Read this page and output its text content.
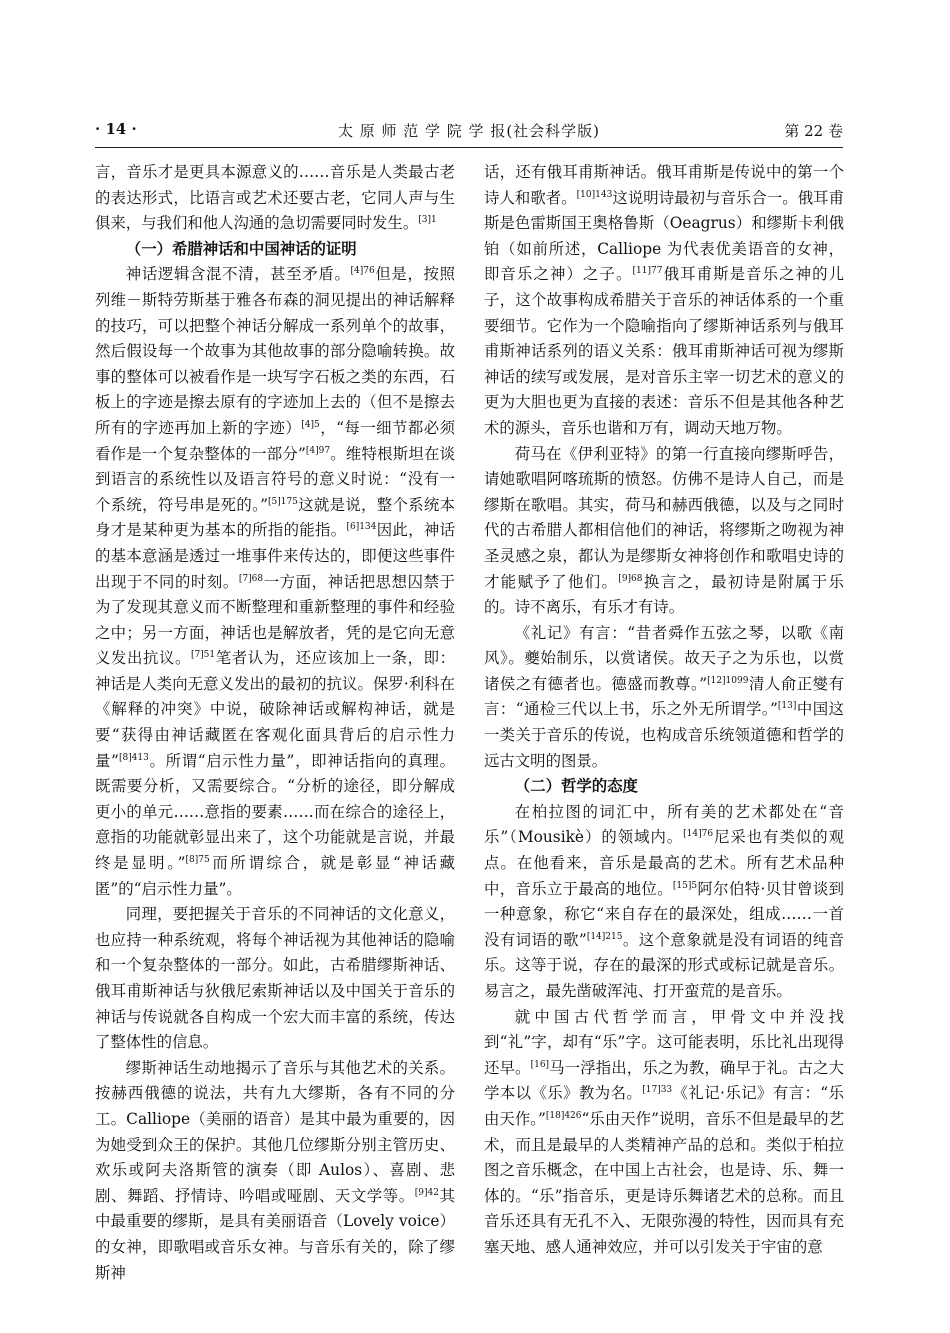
· 14 ·	太 原 师 范 学 院 学 报(社会科学版)	第 22 卷

言，音乐才是更具本源意义的……音乐是人类最古老的表达形式，比语言或艺术还要古老，它同人声与生俱来，与我们和他人沟通的急切需要同时发生。$^{[3]1}$

（一）希腊神话和中国神话的证明

神话逻辑含混不清，甚至矛盾。$^{[4]76}$但是，按照列维－斯特劳斯基于雅各布森的洞见提出的神话解释的技巧，可以把整个神话分解成一系列单个的故事，然后假设每一个故事为其他故事的部分隐喻转换。故事的整体可以被看作是一块写字石板之类的东西，石板上的字迹是擦去原有的字迹加上去的（但不是擦去所有的字迹再加上新的字迹）$^{[4]5}$，“每一细节都必须看作是一个复杂整体的一部分”$^{[4]97}$。维特根斯坦在谈到语言的系统性以及语言符号的意义时说：“没有一个系统，符号串是死的。”$^{[5]175}$这就是说，整个系统本身才是某种更为基本的所指的能指。$^{[6]134}$因此，神话的基本意涵是透过一堆事件来传达的，即便这些事件出现于不同的时刻。$^{[7]68}$一方面，神话把思想囚禁于为了发现其意义而不断整理和重新整理的事件和经验之中；另一方面，神话也是解放者，凭的是它向无意义发出抗议。$^{[7]51}$笔者认为，还应该加上一条，即：神话是人类向无意义发出的最初的抗议。保罗·利科在《解释的冲突》中说，破除神话或解构神话，就是要“获得由神话藏匿在客观化面具背后的启示性力量”$^{[8]413}$。所谓“启示性力量”，即神话指向的真理。既需要分析，又需要综合。“分析的途径，即分解成更小的单元……意指的要素……而在综合的途径上，意指的功能就彰显出来了，这个功能就是言说，并最终是显明。”$^{[8]75}$而所谓综合，就是彰显“神话藏匿”的“启示性力量”。

同理，要把握关于音乐的不同神话的文化意义，也应持一种系统观，将每个神话视为其他神话的隐喻和一个复杂整体的一部分。如此，古希腊缪斯神话、俄耳甫斯神话与狄俄尼索斯神话以及中国关于音乐的神话与传说就各自构成一个宏大而丰富的系统，传达了整体性的信息。

缪斯神话生动地揭示了音乐与其他艺术的关系。按赫西俄德的说法，共有九大缪斯，各有不同的分工。Calliope（美丽的语音）是其中最为重要的，因为她受到众王的保护。其他几位缪斯分别主管历史、欢乐或阿夫洛斯管的演奏（即 Aulos）、喜剧、悲剧、舞蹈、抒情诗、吟唱或哑剧、天文学等。$^{[9]42}$其中最重要的缪斯，是具有美丽语音（Lovely voice）的女神，即歌唱或音乐女神。与音乐有关的，除了缪斯神

话，还有俄耳甫斯神话。俄耳甫斯是传说中的第一个诗人和歌者。$^{[10]143}$这说明诗最初与音乐合一。俄耳甫斯是色雷斯国王奥格鲁斯（Oeagrus）和缪斯卡利俄铂（如前所述，Calliope 为代表优美语音的女神，即音乐之神）之子。$^{[11]77}$俄耳甫斯是音乐之神的儿子，这个故事构成希腊关于音乐的神话体系的一个重要细节。它作为一个隐喻指向了缪斯神话系列与俄耳甫斯神话系列的语义关系：俄耳甫斯神话可视为缪斯神话的续写或发展，是对音乐主宰一切艺术的意义的更为大胆也更为直接的表述：音乐不但是其他各种艺术的源头，音乐也谐和万有，调动天地万物。

荷马在《伊利亚特》的第一行直接向缪斯呼告，请她歌唱阿喀琉斯的愤怒。仿佛不是诗人自己，而是缪斯在歌唱。其实，荷马和赫西俄德，以及与之同时代的古希腊人都相信他们的神话，将缪斯之吻视为神圣灵感之泉，都认为是缪斯女神将创作和歌唱史诗的才能赋予了他们。$^{[9]68}$换言之，最初诗是附属于乐的。诗不离乐，有乐才有诗。

《礼记》有言：“昔者舜作五弦之琴，以歌《南风》。夔始制乐，以赏诸侯。故天子之为乐也，以赏诸侯之有德者也。德盛而教尊。”$^{[12]1099}$清人俞正燮有言：“通检三代以上书，乐之外无所谓学。”[13]中国这一类关于音乐的传说，也构成音乐统领道德和哲学的远古文明的图景。

（二）哲学的态度

在柏拉图的词汇中，所有美的艺术都处在“音乐”（Mousikè）的领域内。$^{[14]76}$尼采也有类似的观点。在他看来，音乐是最高的艺术。所有艺术品种中，音乐立于最高的地位。$^{[15]5}$阿尔伯特·贝甘曾谈到一种意象，称它“来自存在的最深处，组成……一首没有词语的歌”$^{[14]215}$。这个意象就是没有词语的纯音乐。这等于说，存在的最深的形式或标记就是音乐。易言之，最先凿破浑沌、打开蛮荒的是音乐。

就中国古代哲学而言，甲骨文中并没找到“礼”字，却有“乐”字。这可能表明，乐比礼出现得还早。[16]马一浮指出，乐之为教，确早于礼。古之大学本以《乐》教为名。$^{[17]33}$《礼记·乐记》有言：“乐由天作。”$^{[18]426}$“乐由天作”说明，音乐不但是最早的艺术，而且是最早的人类精神产品的总和。类似于柏拉图之音乐概念，在中国上古社会，也是诗、乐、舞一体的。“乐”指音乐，更是诗乐舞诸艺术的总称。而且音乐还具有无孔不入、无限弥漫的特性，因而具有充塞天地、感人通神效应，并可以引发关于宇宙的意
